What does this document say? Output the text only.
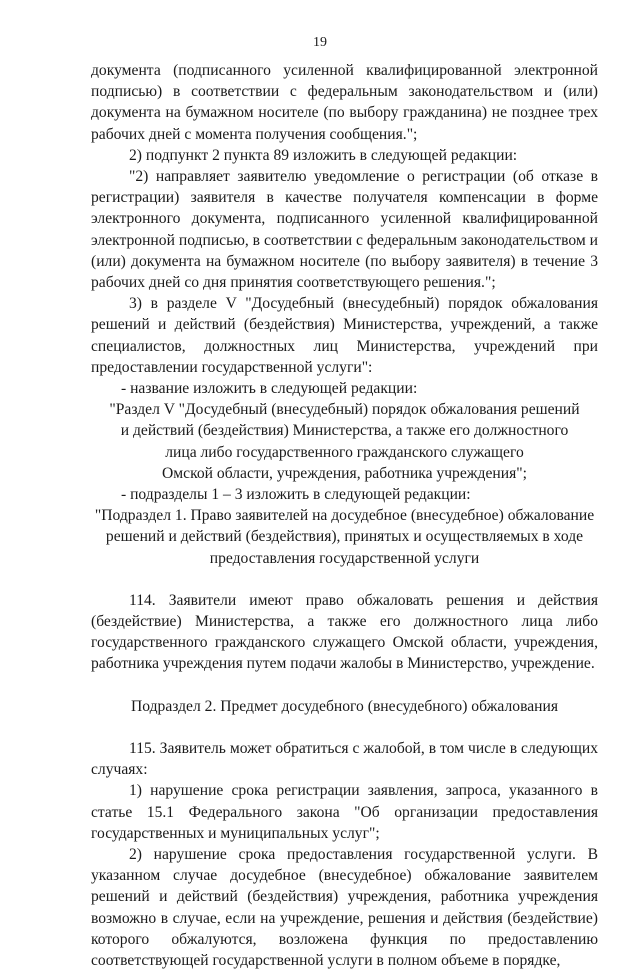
19

документа (подписанного усиленной квалифицированной электронной подписью) в соответствии с федеральным законодательством и (или) документа на бумажном носителе (по выбору гражданина) не позднее трех рабочих дней с момента получения сообщения.";

2) подпункт 2 пункта 89 изложить в следующей редакции:

"2) направляет заявителю уведомление о регистрации (об отказе в регистрации) заявителя в качестве получателя компенсации в форме электронного документа, подписанного усиленной квалифицированной электронной подписью, в соответствии с федеральным законодательством и (или) документа на бумажном носителе (по выбору заявителя) в течение 3 рабочих дней со дня принятия соответствующего решения.";

3) в разделе V "Досудебный (внесудебный) порядок обжалования решений и действий (бездействия) Министерства, учреждений, а также специалистов, должностных лиц Министерства, учреждений при предоставлении государственной услуги":

- название изложить в следующей редакции:

"Раздел V "Досудебный (внесудебный) порядок обжалования решений

и действий (бездействия) Министерства, а также его должностного

лица либо государственного гражданского служащего

Омской области, учреждения, работника учреждения";

- подразделы 1 – 3 изложить в следующей редакции:

"Подраздел 1. Право заявителей на досудебное (внесудебное) обжалование

решений и действий (бездействия), принятых и осуществляемых в ходе

предоставления государственной услуги

114. Заявители имеют право обжаловать решения и действия (бездействие) Министерства, а также его должностного лица либо государственного гражданского служащего Омской области, учреждения, работника учреждения путем подачи жалобы в Министерство, учреждение.

Подраздел 2. Предмет досудебного (внесудебного) обжалования

115. Заявитель может обратиться с жалобой, в том числе в следующих случаях:

1) нарушение срока регистрации заявления, запроса, указанного в статье 15.1 Федерального закона "Об организации предоставления государственных и муниципальных услуг";

2) нарушение срока предоставления государственной услуги. В указанном случае досудебное (внесудебное) обжалование заявителем решений и действий (бездействия) учреждения, работника учреждения возможно в случае, если на учреждение, решения и действия (бездействие) которого обжалуются, возложена функция по предоставлению соответствующей государственной услуги в полном объеме в порядке,
